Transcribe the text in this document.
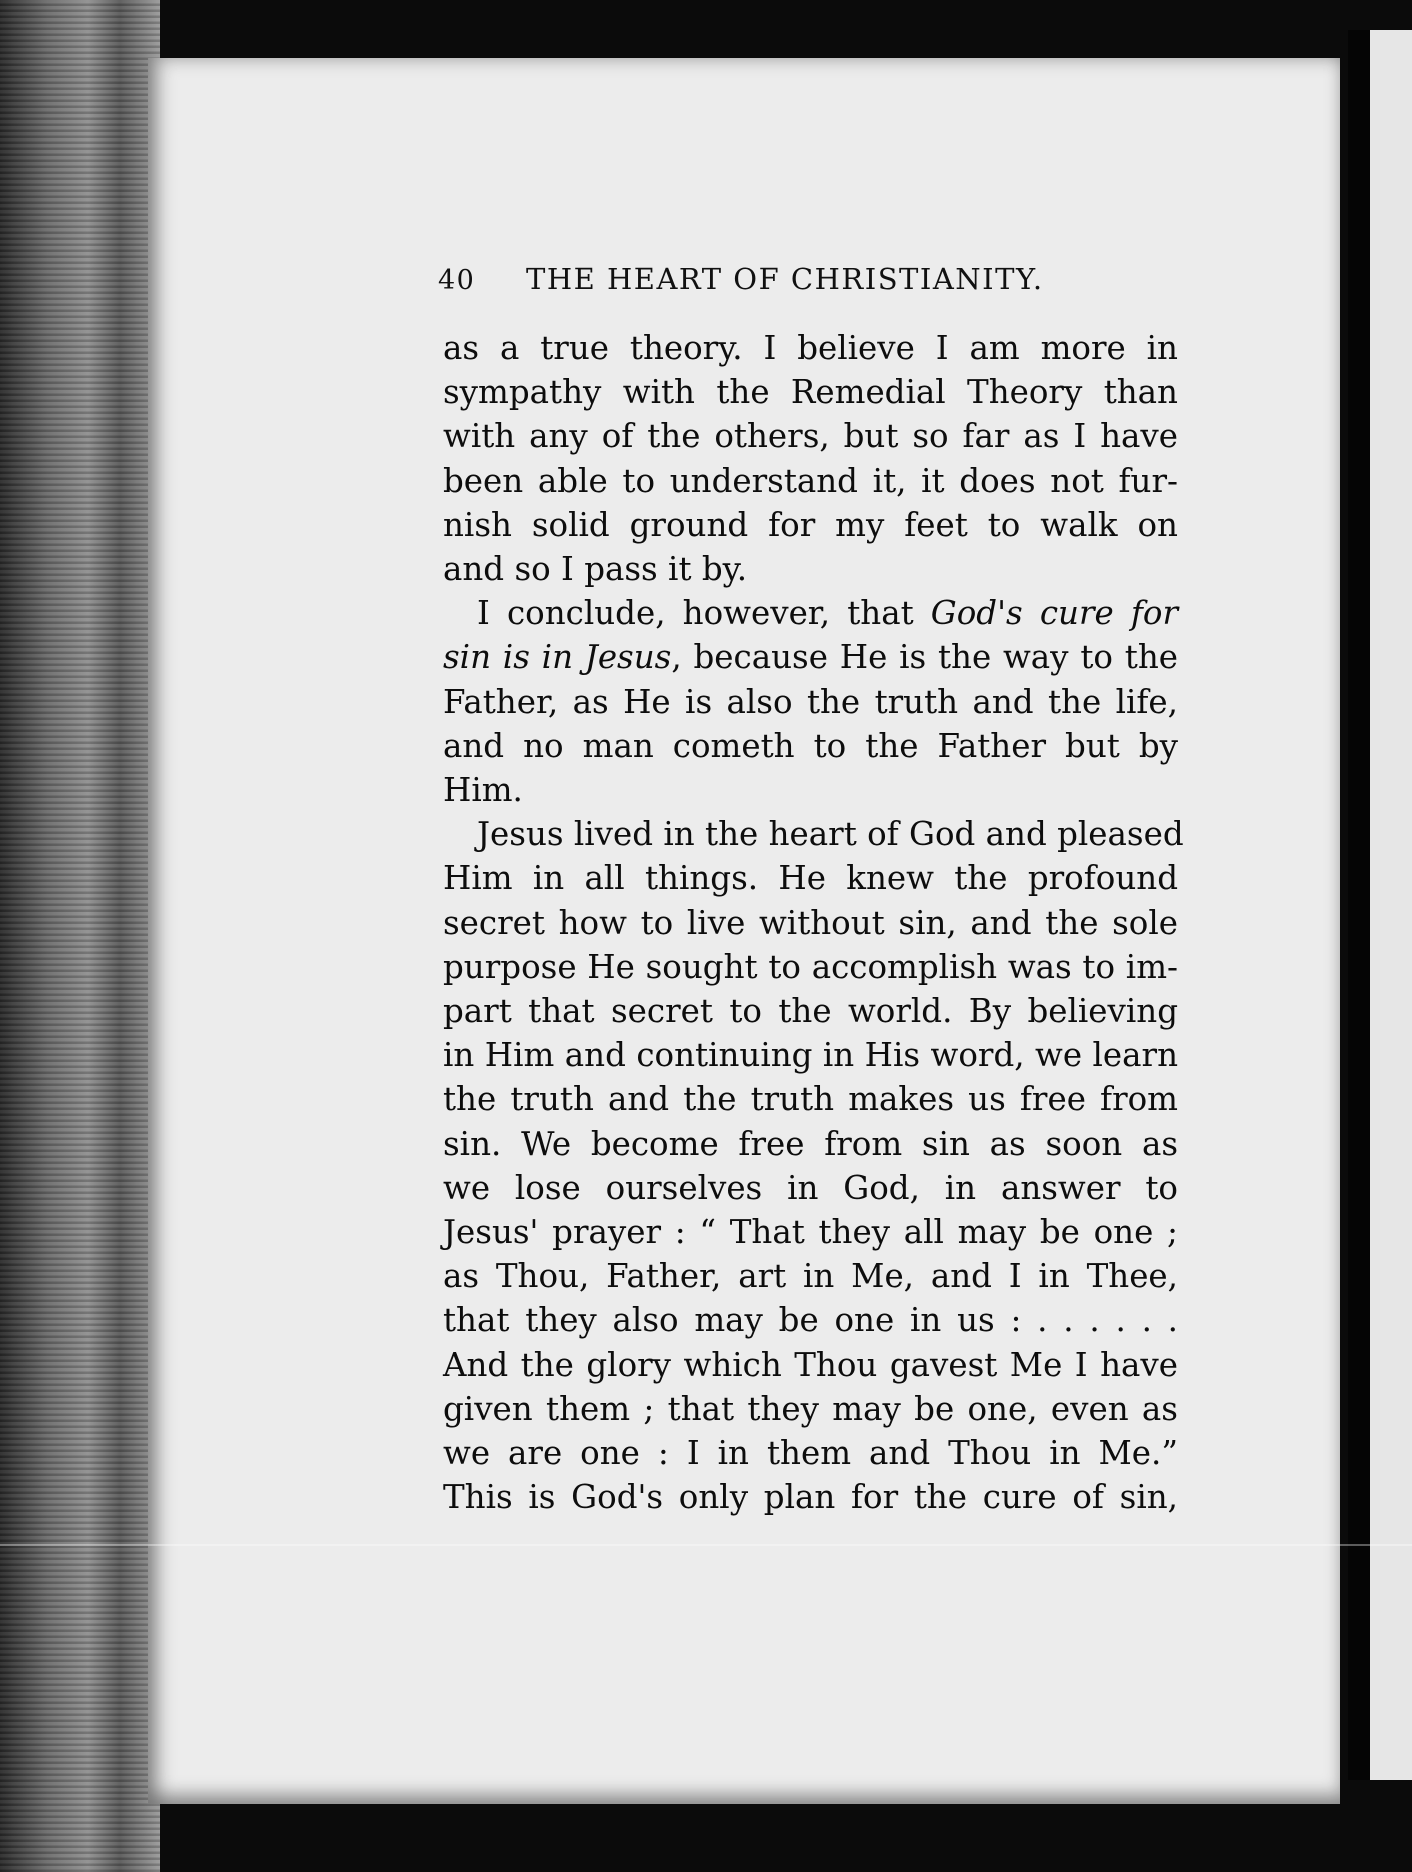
40 THE HEART OF CHRISTIANITY.
as a true theory. I believe I am more in
sympathy with the Remedial Theory than
with any of the others, but so far as I have
been able to understand it, it does not fur-
nish solid ground for my feet to walk on
and so I pass it by.
I conclude, however, that God's cure for
sin is in Jesus, because He is the way to the
Father, as He is also the truth and the life,
and no man cometh to the Father but by
Him.
Jesus lived in the heart of God and pleased
Him in all things. He knew the profound
secret how to live without sin, and the sole
purpose He sought to accomplish was to im-
part that secret to the world. By believing
in Him and continuing in His word, we learn
the truth and the truth makes us free from
sin. We become free from sin as soon as
we lose ourselves in God, in answer to
Jesus' prayer : “ That they all may be one ;
as Thou, Father, art in Me, and I in Thee,
that they also may be one in us : . . . . . .
And the glory which Thou gavest Me I have
given them ; that they may be one, even as
we are one : I in them and Thou in Me.”
This is God's only plan for the cure of sin,
